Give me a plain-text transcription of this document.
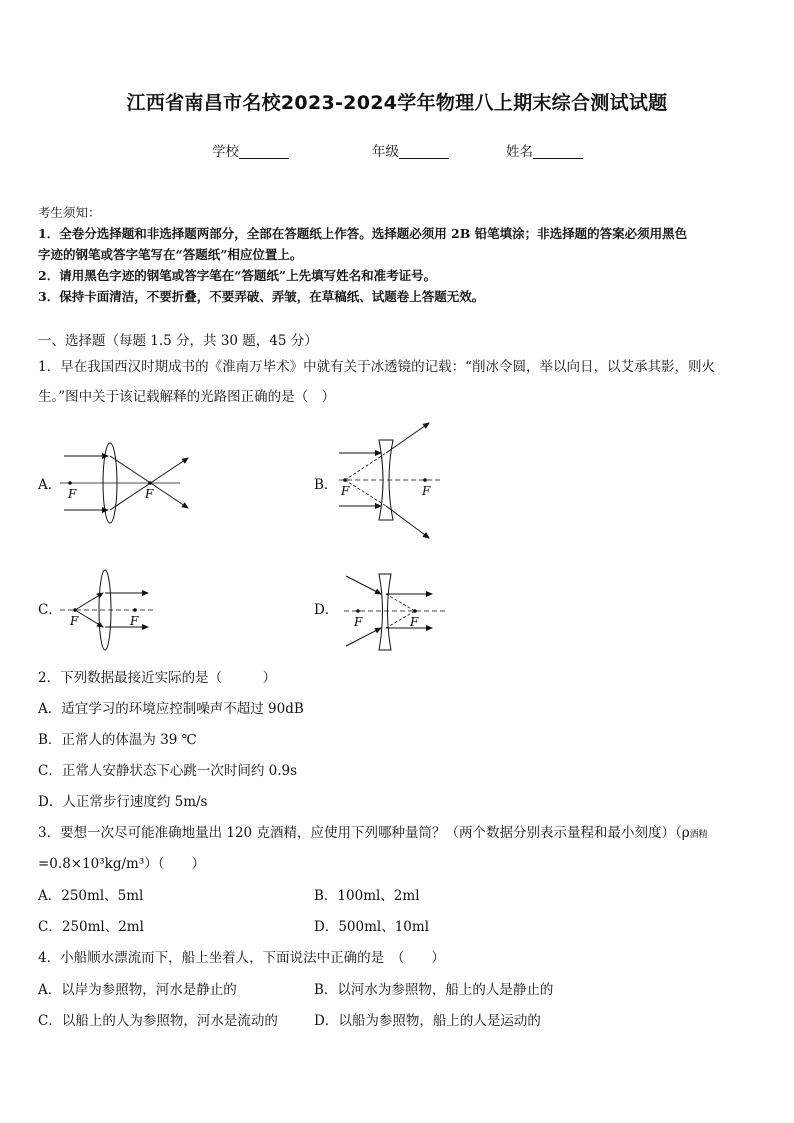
江西省南昌市名校2023-2024学年物理八上期末综合测试试题
学校	年级	姓名
考生须知：
1．全卷分选择题和非选择题两部分，全部在答题纸上作答。选择题必须用 2B 铅笔填涂；非选择题的答案必须用黑色
字迹的钢笔或答字笔写在“答题纸”相应位置上。
2．请用黑色字迹的钢笔或答字笔在“答题纸”上先填写姓名和准考证号。
3．保持卡面清洁，不要折叠，不要弄破、弄皱，在草稿纸、试题卷上答题无效。
一、选择题（每题 1.5 分，共 30 题，45 分）
1．早在我国西汉时期成书的《淮南万毕术》中就有关于冰透镜的记载：“削冰令圆，举以向日，以艾承其影，则火
生。”图中关于该记载解释的光路图正确的是（　）
A．
F	F
B． F	F
C．
F	F
D．
F	F
2．下列数据最接近实际的是（　　　）
A．适宜学习的环境应控制噪声不超过 90dB
B．正常人的体温为 39 ℃
C．正常人安静状态下心跳一次时间约 0.9s
D．人正常步行速度约 5m/s
3．要想一次尽可能准确地量出 120 克酒精，应使用下列哪种量筒？（两个数据分别表示量程和最小刻度）（ρ酒精
=0.8×10³kg/m³）（　　）
A．250ml、5ml	B．100ml、2ml
C．250ml、2ml	D．500ml、10ml
4．小船顺水漂流而下，船上坐着人，下面说法中正确的是　（　　）
A．以岸为参照物，河水是静止的	B．以河水为参照物，船上的人是静止的
C．以船上的人为参照物，河水是流动的	D．以船为参照物，船上的人是运动的
